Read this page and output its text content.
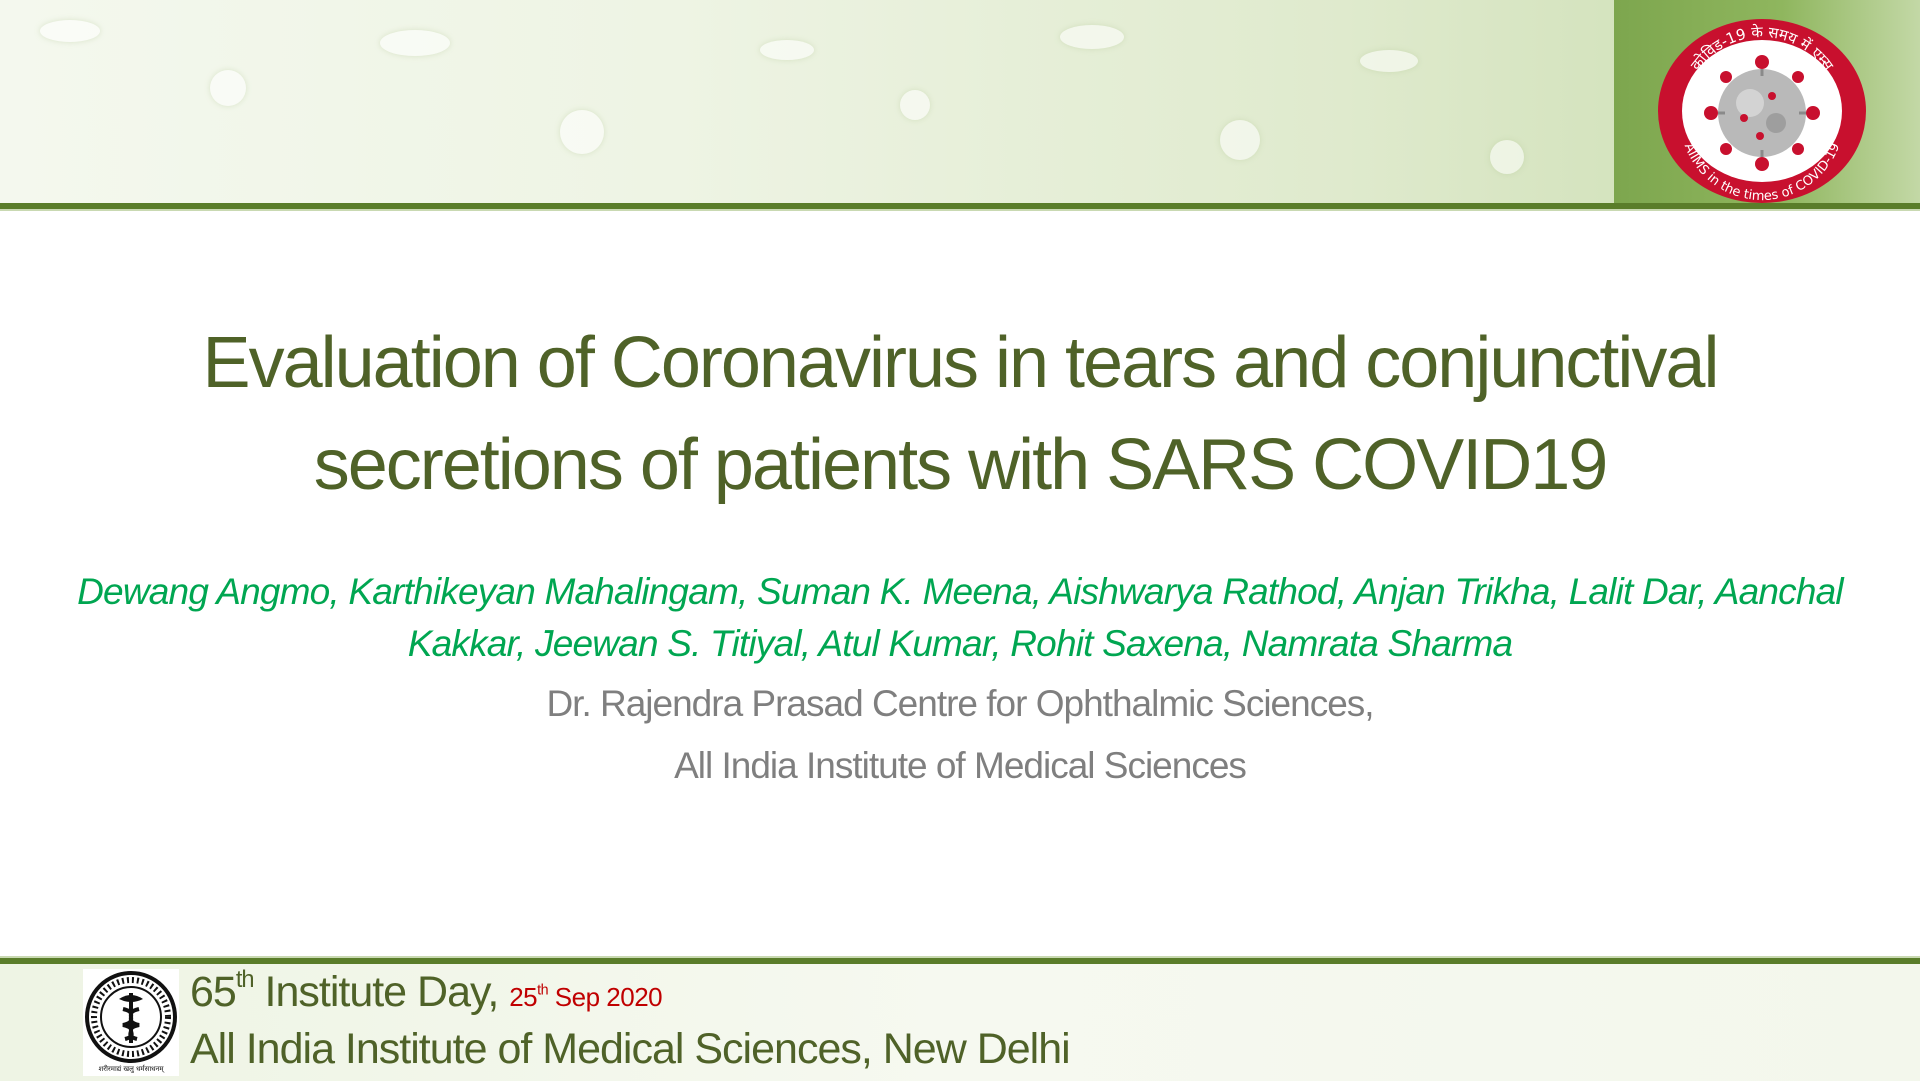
कोविड-19 के समय में एम्स
AIIMS in the times of COVID-19
Evaluation of Coronavirus in tears and conjunctival
secretions of patients with SARS COVID19

Dewang Angmo, Karthikeyan Mahalingam, Suman K. Meena, Aishwarya Rathod, Anjan Trikha, Lalit Dar, Aanchal
Kakkar, Jeewan S. Titiyal, Atul Kumar, Rohit Saxena, Namrata Sharma

Dr. Rajendra Prasad Centre for Ophthalmic Sciences,

All India Institute of Medical Sciences

शरीरमाद्यं खलु धर्मसाधनम्
65th Institute Day, 25th Sep 2020
All India Institute of Medical Sciences, New Delhi
